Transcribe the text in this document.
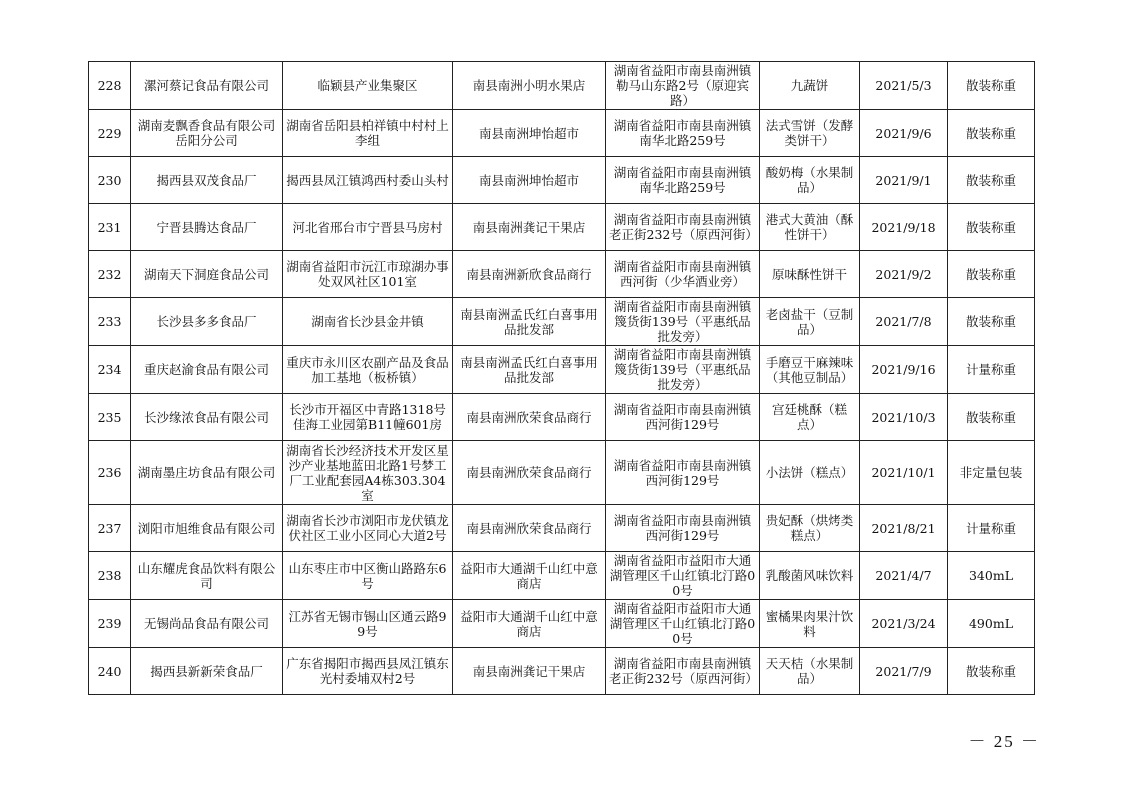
228	漯河蔡记食品有限公司	临颖县产业集聚区	南县南洲小明水果店	湖南省益阳市南县南洲镇勒马山东路2号（原迎宾路）	九蔬饼	2021/5/3	散装称重
229	湖南麦飘香食品有限公司岳阳分公司	湖南省岳阳县柏祥镇中村村上李组	南县南洲坤怡超市	湖南省益阳市南县南洲镇南华北路259号	法式雪饼（发酵类饼干）	2021/9/6	散装称重
230	揭西县双茂食品厂	揭西县凤江镇鸿西村委山头村	南县南洲坤怡超市	湖南省益阳市南县南洲镇南华北路259号	酸奶梅（水果制品）	2021/9/1	散装称重
231	宁晋县腾达食品厂	河北省邢台市宁晋县马房村	南县南洲龚记干果店	湖南省益阳市南县南洲镇老正街232号（原西河街）	港式大黄油（酥性饼干）	2021/9/18	散装称重
232	湖南天下洞庭食品公司	湖南省益阳市沅江市琼湖办事处双风社区101室	南县南洲新欣食品商行	湖南省益阳市南县南洲镇西河街（少华酒业旁）	原味酥性饼干	2021/9/2	散装称重
233	长沙县多多食品厂	湖南省长沙县金井镇	南县南洲孟氏红白喜事用品批发部	湖南省益阳市南县南洲镇篾货街139号（平惠纸品批发旁）	老卤盐干（豆制品）	2021/7/8	散装称重
234	重庆赵渝食品有限公司	重庆市永川区农副产品及食品加工基地（板桥镇）	南县南洲孟氏红白喜事用品批发部	湖南省益阳市南县南洲镇篾货街139号（平惠纸品批发旁）	手磨豆干麻辣味（其他豆制品）	2021/9/16	计量称重
235	长沙缘浓食品有限公司	长沙市开福区中青路1318号佳海工业园第B11幢601房	南县南洲欣荣食品商行	湖南省益阳市南县南洲镇西河街129号	宫廷桃酥（糕点）	2021/10/3	散装称重
236	湖南墨庄坊食品有限公司	湖南省长沙经济技术开发区星沙产业基地蓝田北路1号梦工厂工业配套园A4栋303.304室	南县南洲欣荣食品商行	湖南省益阳市南县南洲镇西河街129号	小法饼（糕点）	2021/10/1	非定量包装
237	浏阳市旭维食品有限公司	湖南省长沙市浏阳市龙伏镇龙伏社区工业小区同心大道2号	南县南洲欣荣食品商行	湖南省益阳市南县南洲镇西河街129号	贵妃酥（烘烤类糕点）	2021/8/21	计量称重
238	山东耀虎食品饮料有限公司	山东枣庄市中区衡山路路东6号	益阳市大通湖千山红中意商店	湖南省益阳市益阳市大通湖管理区千山红镇北汀路00号	乳酸菌风味饮料	2021/4/7	340mL
239	无锡尚品食品有限公司	江苏省无锡市锡山区通云路99号	益阳市大通湖千山红中意商店	湖南省益阳市益阳市大通湖管理区千山红镇北汀路00号	蜜橘果肉果汁饮料	2021/3/24	490mL
240	揭西县新新荣食品厂	广东省揭阳市揭西县凤江镇东光村委埔双村2号	南县南洲龚记干果店	湖南省益阳市南县南洲镇老正街232号（原西河街）	天天桔（水果制品）	2021/7/9	散装称重
－ 25 －
